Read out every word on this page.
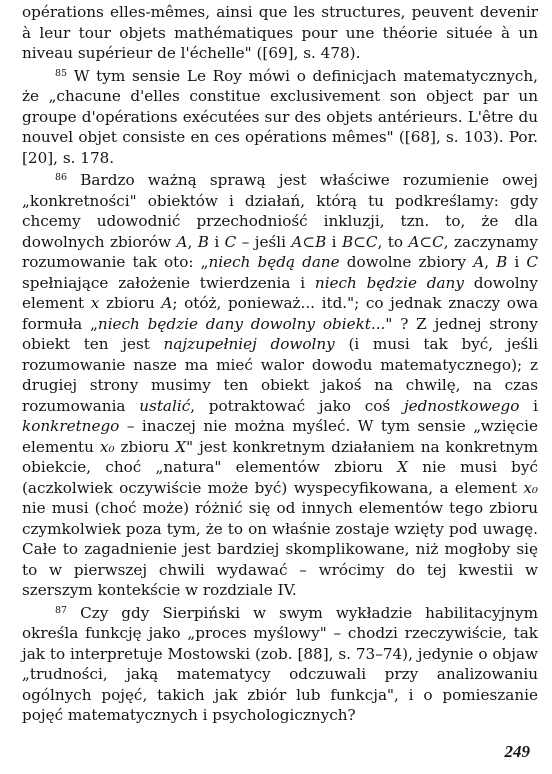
opérations elles-mêmes, ainsi que les structures, peuvent devenir à leur tour objets mathématiques pour une théorie située à un niveau supérieur de l'échelle" ([69], s. 478).

$^{85}$ W tym sensie Le Roy mówi o definicjach matematycznych, że „chacune d'elles constitue exclusivement son object par un groupe d'opérations exécutées sur des objets antérieurs. L'être du nouvel objet consiste en ces opérations mêmes" ([68], s. 103). Por. [20], s. 178.

$^{86}$ Bardzo ważną sprawą jest właściwe rozumienie owej „konkretności" obiektów i działań, którą tu podkreślamy: gdy chcemy udowodnić przechodniość inkluzji, tzn. to, że dla dowolnych zbiorów A, B i C – jeśli A⊂B i B⊂C, to A⊂C, zaczynamy rozumowanie tak oto: „niech będą dane dowolne zbiory A, B i C spełniające założenie twierdzenia i niech będzie dany dowolny element x zbioru A; otóż, ponieważ... itd."; co jednak znaczy owa formuła „niech będzie dany dowolny obiekt..." ? Z jednej strony obiekt ten jest najzupełniej dowolny (i musi tak być, jeśli rozumowanie nasze ma mieć walor dowodu matematycznego); z drugiej strony musimy ten obiekt jakoś na chwilę, na czas rozumowania ustalić, potraktować jako coś jednostkowego i konkretnego – inaczej nie można myśleć. W tym sensie „wzięcie elementu x₀ zbioru X" jest konkretnym działaniem na konkretnym obiekcie, choć „natura" elementów zbioru X nie musi być (aczkolwiek oczywiście może być) wyspecyfikowana, a element x₀ nie musi (choć może) różnić się od innych elementów tego zbioru czymkolwiek poza tym, że to on właśnie zostaje wzięty pod uwagę. Całe to zagadnienie jest bardziej skomplikowane, niż mogłoby się to w pierwszej chwili wydawać – wrócimy do tej kwestii w szerszym kontekście w rozdziale IV.

$^{87}$ Czy gdy Sierpiński w swym wykładzie habilitacyjnym określa funkcję jako „proces myślowy" – chodzi rzeczywiście, tak jak to interpretuje Mostowski (zob. [88], s. 73–74), jedynie o objaw „trudności, jaką matematycy odczuwali przy analizowaniu ogólnych pojęć, takich jak zbiór lub funkcja", i o pomieszanie pojęć matematycznych i psychologicznych?

249
